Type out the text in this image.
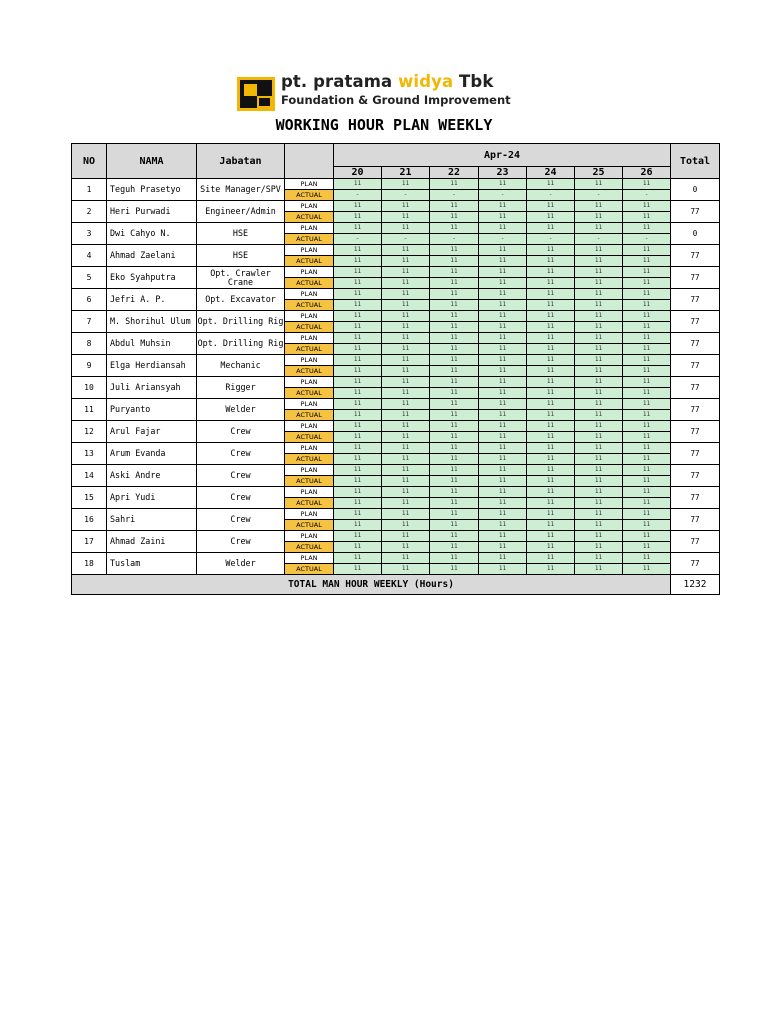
pt. pratama widya Tbk
Foundation & Ground Improvement
WORKING HOUR PLAN WEEKLY
NO	NAMA	Jabatan		Apr-24							Total
				20	21	22	23	24	25	26	
1	Teguh Prasetyo	Site Manager/SPV	PLAN	11	11	11	11	11	11	11	0
			ACTUAL	-	-	-	-	-	-	-	
2	Heri Purwadi	Engineer/Admin	PLAN	11	11	11	11	11	11	11	77
			ACTUAL	11	11	11	11	11	11	11	
3	Dwi Cahyo N.	HSE	PLAN	11	11	11	11	11	11	11	0
			ACTUAL	-	-	-	-	-	-	-	
4	Ahmad Zaelani	HSE	PLAN	11	11	11	11	11	11	11	77
			ACTUAL	11	11	11	11	11	11	11	
5	Eko Syahputra	Opt. Crawler Crane	PLAN	11	11	11	11	11	11	11	77
			ACTUAL	11	11	11	11	11	11	11	
6	Jefri A. P.	Opt. Excavator	PLAN	11	11	11	11	11	11	11	77
			ACTUAL	11	11	11	11	11	11	11	
7	M. Shorihul Ulum	Opt. Drilling Rig	PLAN	11	11	11	11	11	11	11	77
			ACTUAL	11	11	11	11	11	11	11	
8	Abdul Muhsin	Opt. Drilling Rig	PLAN	11	11	11	11	11	11	11	77
			ACTUAL	11	11	11	11	11	11	11	
9	Elga Herdiansah	Mechanic	PLAN	11	11	11	11	11	11	11	77
			ACTUAL	11	11	11	11	11	11	11	
10	Juli Ariansyah	Rigger	PLAN	11	11	11	11	11	11	11	77
			ACTUAL	11	11	11	11	11	11	11	
11	Puryanto	Welder	PLAN	11	11	11	11	11	11	11	77
			ACTUAL	11	11	11	11	11	11	11	
12	Arul Fajar	Crew	PLAN	11	11	11	11	11	11	11	77
			ACTUAL	11	11	11	11	11	11	11	
13	Arum Evanda	Crew	PLAN	11	11	11	11	11	11	11	77
			ACTUAL	11	11	11	11	11	11	11	
14	Aski Andre	Crew	PLAN	11	11	11	11	11	11	11	77
			ACTUAL	11	11	11	11	11	11	11	
15	Apri Yudi	Crew	PLAN	11	11	11	11	11	11	11	77
			ACTUAL	11	11	11	11	11	11	11	
16	Sahri	Crew	PLAN	11	11	11	11	11	11	11	77
			ACTUAL	11	11	11	11	11	11	11	
17	Ahmad Zaini	Crew	PLAN	11	11	11	11	11	11	11	77
			ACTUAL	11	11	11	11	11	11	11	
18	Tuslam	Welder	PLAN	11	11	11	11	11	11	11	77
			ACTUAL	11	11	11	11	11	11	11	
TOTAL MAN HOUR WEEKLY (Hours)											1232
